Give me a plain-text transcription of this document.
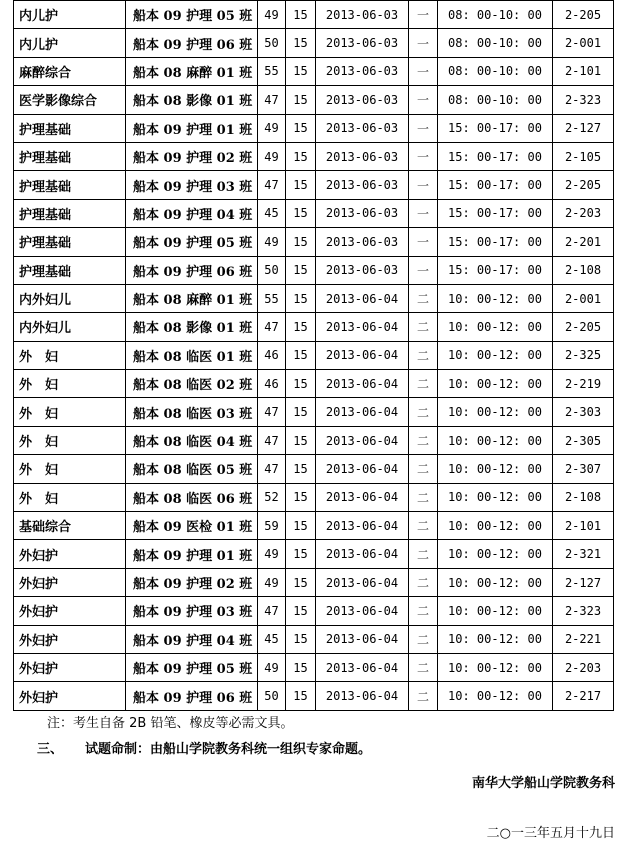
内儿护	船本 09 护理 05 班	49	15	2013-06-03	一	08: 00-10: 00	2-205
内儿护	船本 09 护理 06 班	50	15	2013-06-03	一	08: 00-10: 00	2-001
麻醉综合	船本 08 麻醉 01 班	55	15	2013-06-03	一	08: 00-10: 00	2-101
医学影像综合	船本 08 影像 01 班	47	15	2013-06-03	一	08: 00-10: 00	2-323
护理基础	船本 09 护理 01 班	49	15	2013-06-03	一	15: 00-17: 00	2-127
护理基础	船本 09 护理 02 班	49	15	2013-06-03	一	15: 00-17: 00	2-105
护理基础	船本 09 护理 03 班	47	15	2013-06-03	一	15: 00-17: 00	2-205
护理基础	船本 09 护理 04 班	45	15	2013-06-03	一	15: 00-17: 00	2-203
护理基础	船本 09 护理 05 班	49	15	2013-06-03	一	15: 00-17: 00	2-201
护理基础	船本 09 护理 06 班	50	15	2013-06-03	一	15: 00-17: 00	2-108
内外妇儿	船本 08 麻醉 01 班	55	15	2013-06-04	二	10: 00-12: 00	2-001
内外妇儿	船本 08 影像 01 班	47	15	2013-06-04	二	10: 00-12: 00	2-205
外　妇	船本 08 临医 01 班	46	15	2013-06-04	二	10: 00-12: 00	2-325
外　妇	船本 08 临医 02 班	46	15	2013-06-04	二	10: 00-12: 00	2-219
外　妇	船本 08 临医 03 班	47	15	2013-06-04	二	10: 00-12: 00	2-303
外　妇	船本 08 临医 04 班	47	15	2013-06-04	二	10: 00-12: 00	2-305
外　妇	船本 08 临医 05 班	47	15	2013-06-04	二	10: 00-12: 00	2-307
外　妇	船本 08 临医 06 班	52	15	2013-06-04	二	10: 00-12: 00	2-108
基础综合	船本 09 医检 01 班	59	15	2013-06-04	二	10: 00-12: 00	2-101
外妇护	船本 09 护理 01 班	49	15	2013-06-04	二	10: 00-12: 00	2-321
外妇护	船本 09 护理 02 班	49	15	2013-06-04	二	10: 00-12: 00	2-127
外妇护	船本 09 护理 03 班	47	15	2013-06-04	二	10: 00-12: 00	2-323
外妇护	船本 09 护理 04 班	45	15	2013-06-04	二	10: 00-12: 00	2-221
外妇护	船本 09 护理 05 班	49	15	2013-06-04	二	10: 00-12: 00	2-203
外妇护	船本 09 护理 06 班	50	15	2013-06-04	二	10: 00-12: 00	2-217
注：考生自备 2B 铅笔、橡皮等必需文具。
三、 试题命制：由船山学院教务科统一组织专家命题。
南华大学船山学院教务科
二○一三年五月十九日
